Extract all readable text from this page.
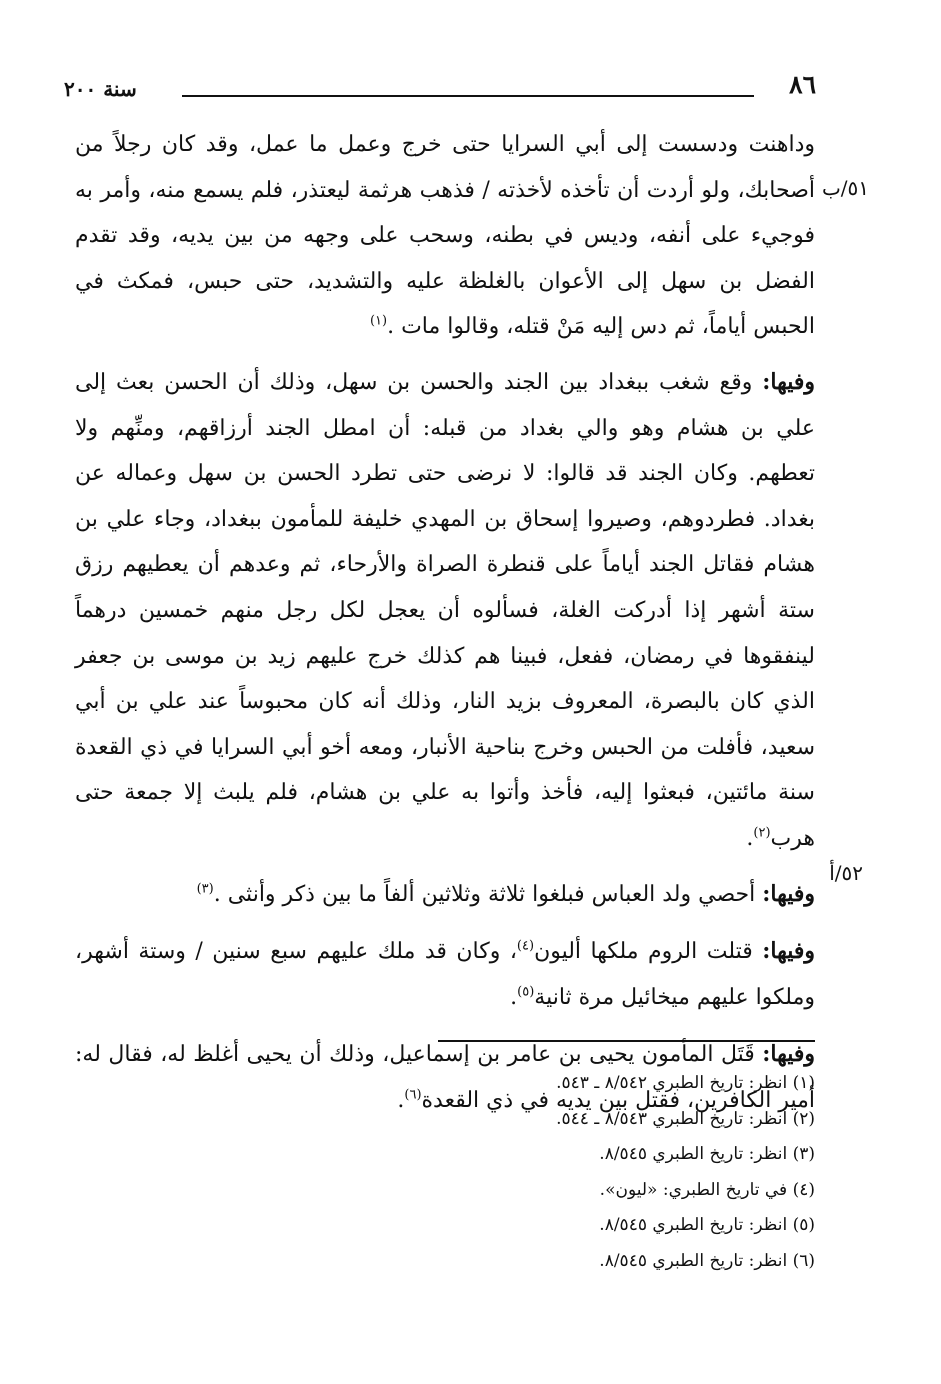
٨٦
سنة ٢٠٠
٥١/ب
٥٢/أ

وداهنت ودسست إلى أبي السرايا حتى خرج وعمل ما عمل، وقد كان رجلاً من أصحابك، ولو أردت أن تأخذه لأخذته / فذهب هرثمة ليعتذر، فلم يسمع منه، وأمر به فوجيء على أنفه، وديس في بطنه، وسحب على وجهه من بين يديه، وقد تقدم الفضل بن سهل إلى الأعوان بالغلظة عليه والتشديد، حتى حبس، فمكث في الحبس أياماً، ثم دس إليه مَنْ قتله، وقالوا مات .$^{(١)}$

وفيها: وقع شغب ببغداد بين الجند والحسن بن سهل، وذلك أن الحسن بعث إلى علي بن هشام وهو والي بغداد من قبله: أن امطل الجند أرزاقهم، ومنِّهم ولا تعطهم. وكان الجند قد قالوا: لا نرضى حتى تطرد الحسن بن سهل وعماله عن بغداد. فطردوهم، وصيروا إسحاق بن المهدي خليفة للمأمون ببغداد، وجاء علي بن هشام فقاتل الجند أياماً على قنطرة الصراة والأرحاء، ثم وعدهم أن يعطيهم رزق ستة أشهر إذا أدركت الغلة، فسألوه أن يعجل لكل رجل منهم خمسين درهماً لينفقوها في رمضان، ففعل، فبينا هم كذلك خرج عليهم زيد بن موسى بن جعفر الذي كان بالبصرة، المعروف بزيد النار، وذلك أنه كان محبوساً عند علي بن أبي سعيد، فأفلت من الحبس وخرج بناحية الأنبار، ومعه أخو أبي السرايا في ذي القعدة سنة مائتين، فبعثوا إليه، فأخذ وأتوا به علي بن هشام، فلم يلبث إلا جمعة حتى هرب$^{(٢)}$.

وفيها: أحصي ولد العباس فبلغوا ثلاثة وثلاثين ألفاً ما بين ذكر وأنثى .$^{(٣)}$

وفيها: قتلت الروم ملكها أليون$^{(٤)}$، وكان قد ملك عليهم سبع سنين / وستة أشهر، وملكوا عليهم ميخائيل مرة ثانية$^{(٥)}$.

وفيها: قَتَل المأمون يحيى بن عامر بن إسماعيل، وذلك أن يحيى أغلظ له، فقال له: أمير الكافرين، فقتل بين يديه في ذي القعدة$^{(٦)}$.

(١) انظر: تاريخ الطبري ٨/٥٤٢ ـ ٥٤٣.

(٢) انظر: تاريخ الطبري ٨/٥٤٣ ـ ٥٤٤.

(٣) انظر: تاريخ الطبري ٨/٥٤٥.

(٤) في تاريخ الطبري: «ليون».

(٥) انظر: تاريخ الطبري ٨/٥٤٥.

(٦) انظر: تاريخ الطبري ٨/٥٤٥.
